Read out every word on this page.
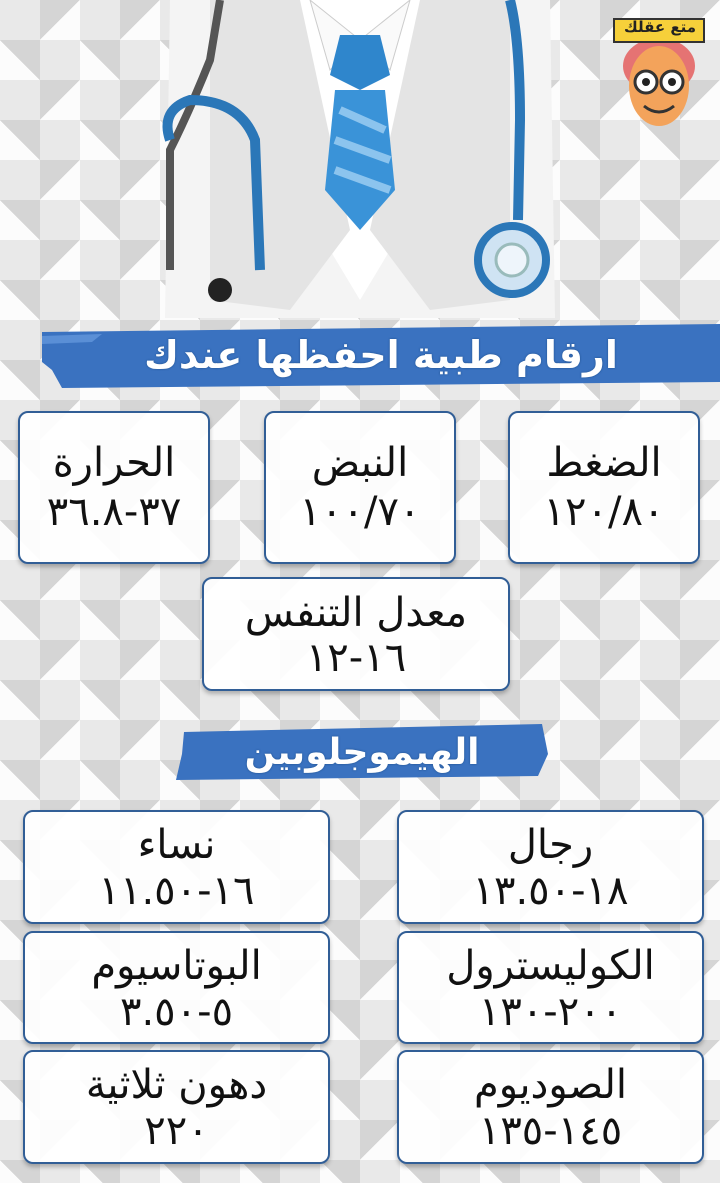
متع عقلك
ارقام طبية احفظها عندك
الضغط
١٢٠/٨٠
النبض
١٠٠/٧٠
الحرارة
٣٧-٣٦.٨
معدل التنفس
١٦-١٢
الهيموجلوبين
رجال
١٨-١٣.٥٠
نساء
١٦-١١.٥٠
الكوليسترول
٢٠٠-١٣٠
البوتاسيوم
٥-٣.٥٠
الصوديوم
١٤٥-١٣٥
دهون ثلاثية
٢٢٠
